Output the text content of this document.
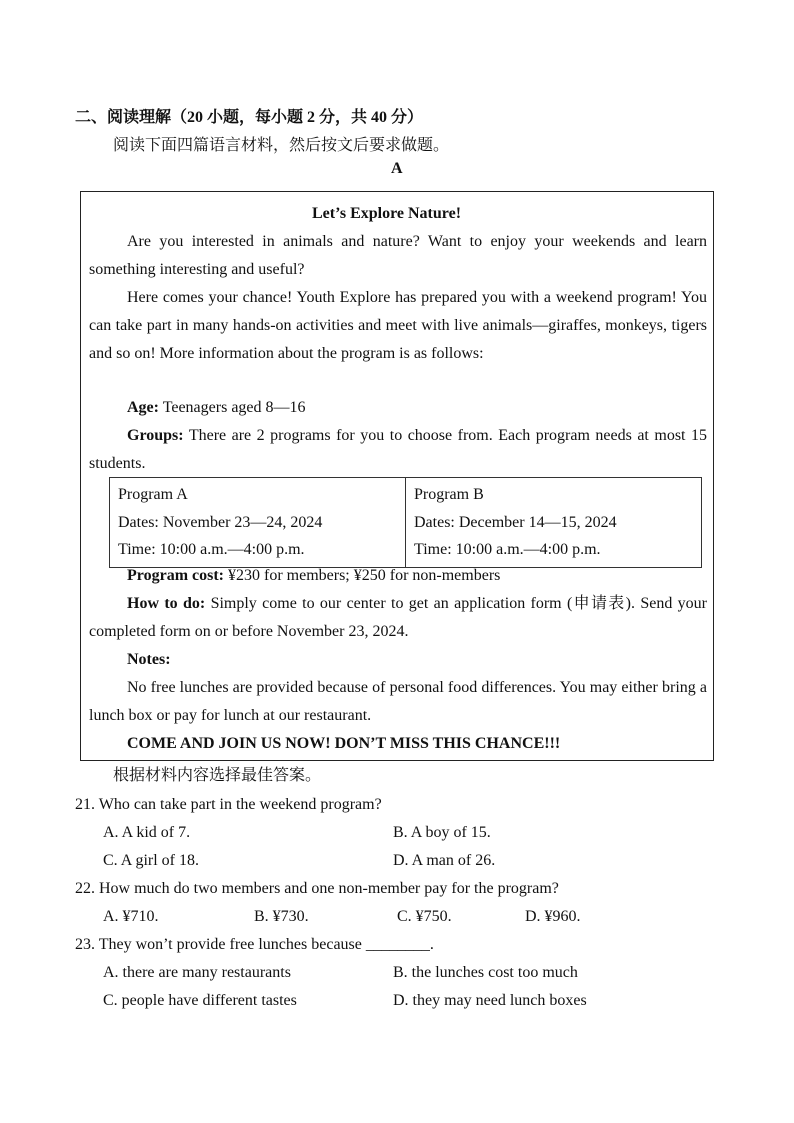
二、阅读理解（20 小题，每小题 2 分，共 40 分）
阅读下面四篇语言材料，然后按文后要求做题。
A
Let’s Explore Nature!
Are you interested in animals and nature? Want to enjoy your weekends and learn something interesting and useful?
Here comes your chance! Youth Explore has prepared you with a weekend program! You can take part in many hands-on activities and meet with live animals—giraffes, monkeys, tigers and so on! More information about the program is as follows:
Age: Teenagers aged 8—16
Groups: There are 2 programs for you to choose from. Each program needs at most 15 students.
Program A
Dates: November 23—24, 2024
Time: 10:00 a.m.—4:00 p.m.

Program B
Dates: December 14—15, 2024
Time: 10:00 a.m.—4:00 p.m.
Program cost: ¥230 for members; ¥250 for non-members
How to do: Simply come to our center to get an application form (申请表). Send your completed form on or before November 23, 2024.
Notes:
No free lunches are provided because of personal food differences. You may either bring a lunch box or pay for lunch at our restaurant.
COME AND JOIN US NOW! DON’T MISS THIS CHANCE!!!
根据材料内容选择最佳答案。
21. Who can take part in the weekend program?
A. A kid of 7.	B. A boy of 15.
C. A girl of 18.	D. A man of 26.
22. How much do two members and one non-member pay for the program?
A. ¥710.	B. ¥730.	C. ¥750.	D. ¥960.
23. They won’t provide free lunches because ________.
A. there are many restaurants	B. the lunches cost too much
C. people have different tastes	D. they may need lunch boxes
